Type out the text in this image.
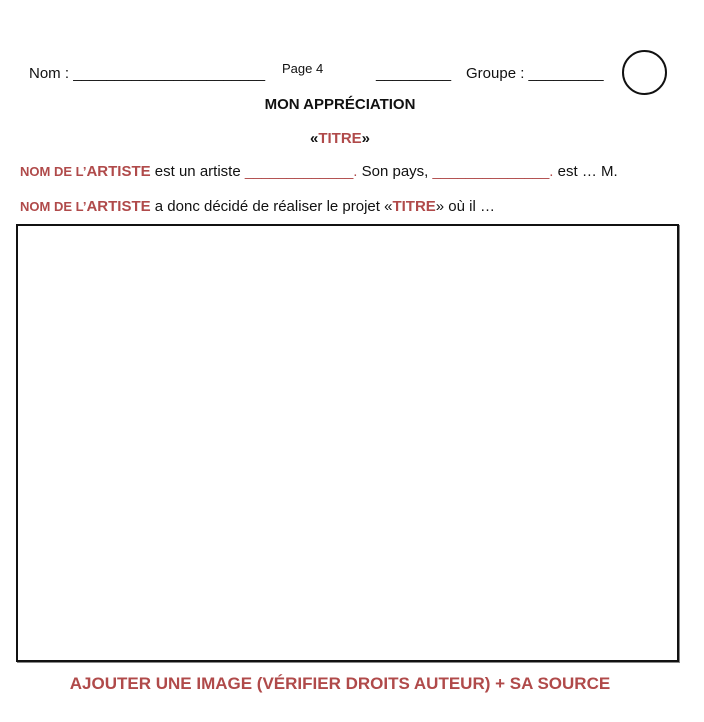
Nom : _______________________ Page 4	_________ Groupe : _________
MON APPRÉCIATION
«TITRE»
NOM DE L’ARTISTE est un artiste _____________. Son pays, ______________. est … M.
NOM DE L’ARTISTE a donc décidé de réaliser le projet «TITRE» où il …
AJOUTER UNE IMAGE (VÉRIFIER DROITS AUTEUR) + SA SOURCE
